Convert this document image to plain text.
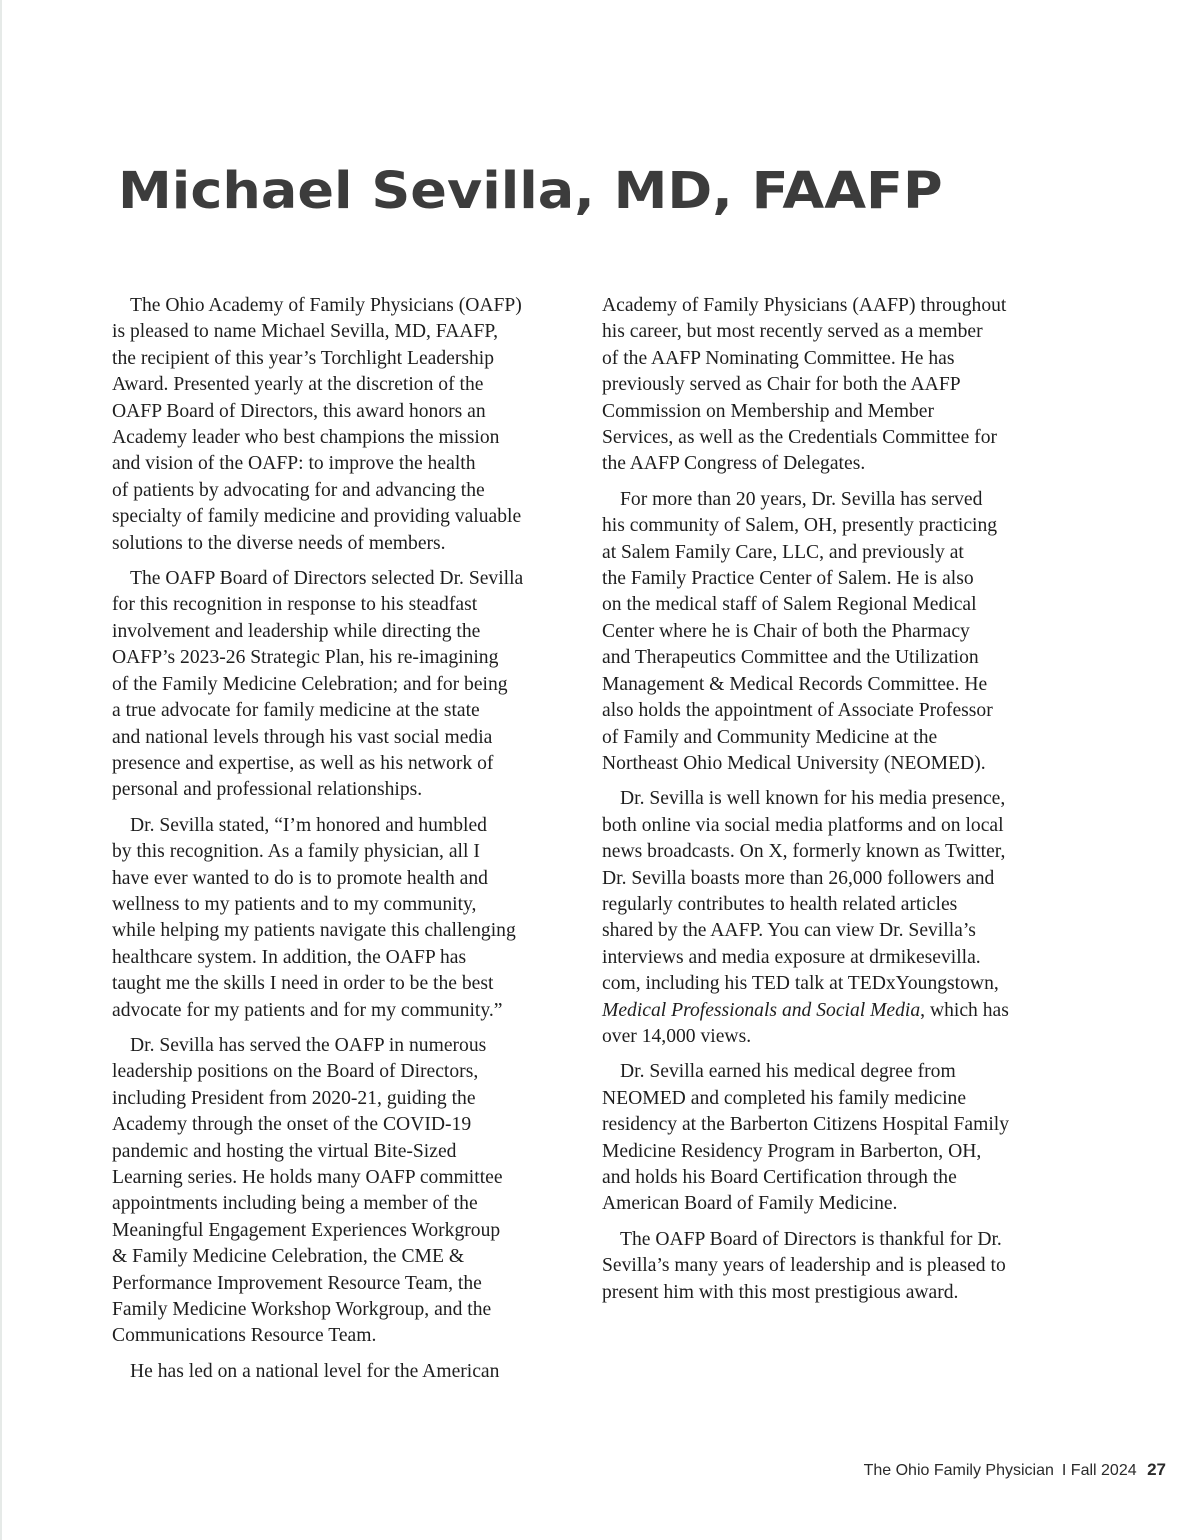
Michael Sevilla, MD, FAAFP

The Ohio Academy of Family Physicians (OAFP)
is pleased to name Michael Sevilla, MD, FAAFP,
the recipient of this year’s Torchlight Leadership
Award. Presented yearly at the discretion of the
OAFP Board of Directors, this award honors an
Academy leader who best champions the mission
and vision of the OAFP: to improve the health
of patients by advocating for and advancing the
specialty of family medicine and providing valuable
solutions to the diverse needs of members.

The OAFP Board of Directors selected Dr. Sevilla
for this recognition in response to his steadfast
involvement and leadership while directing the
OAFP’s 2023-26 Strategic Plan, his re-imagining
of the Family Medicine Celebration; and for being
a true advocate for family medicine at the state
and national levels through his vast social media
presence and expertise, as well as his network of
personal and professional relationships.

Dr. Sevilla stated, “I’m honored and humbled
by this recognition. As a family physician, all I
have ever wanted to do is to promote health and
wellness to my patients and to my community,
while helping my patients navigate this challenging
healthcare system. In addition, the OAFP has
taught me the skills I need in order to be the best
advocate for my patients and for my community.”

Dr. Sevilla has served the OAFP in numerous
leadership positions on the Board of Directors,
including President from 2020-21, guiding the
Academy through the onset of the COVID-19
pandemic and hosting the virtual Bite-Sized
Learning series. He holds many OAFP committee
appointments including being a member of the
Meaningful Engagement Experiences Workgroup
& Family Medicine Celebration, the CME &
Performance Improvement Resource Team, the
Family Medicine Workshop Workgroup, and the
Communications Resource Team.

He has led on a national level for the American

Academy of Family Physicians (AAFP) throughout
his career, but most recently served as a member
of the AAFP Nominating Committee. He has
previously served as Chair for both the AAFP
Commission on Membership and Member
Services, as well as the Credentials Committee for
the AAFP Congress of Delegates.

For more than 20 years, Dr. Sevilla has served
his community of Salem, OH, presently practicing
at Salem Family Care, LLC, and previously at
the Family Practice Center of Salem. He is also
on the medical staff of Salem Regional Medical
Center where he is Chair of both the Pharmacy
and Therapeutics Committee and the Utilization
Management & Medical Records Committee. He
also holds the appointment of Associate Professor
of Family and Community Medicine at the
Northeast Ohio Medical University (NEOMED).

Dr. Sevilla is well known for his media presence,
both online via social media platforms and on local
news broadcasts. On X, formerly known as Twitter,
Dr. Sevilla boasts more than 26,000 followers and
regularly contributes to health related articles
shared by the AAFP. You can view Dr. Sevilla’s
interviews and media exposure at drmikesevilla.
com, including his TED talk at TEDxYoungstown,
Medical Professionals and Social Media, which has
over 14,000 views.

Dr. Sevilla earned his medical degree from
NEOMED and completed his family medicine
residency at the Barberton Citizens Hospital Family
Medicine Residency Program in Barberton, OH,
and holds his Board Certification through the
American Board of Family Medicine.

The OAFP Board of Directors is thankful for Dr.
Sevilla’s many years of leadership and is pleased to
present him with this most prestigious award.

The Ohio Family Physician I Fall 2024 27
